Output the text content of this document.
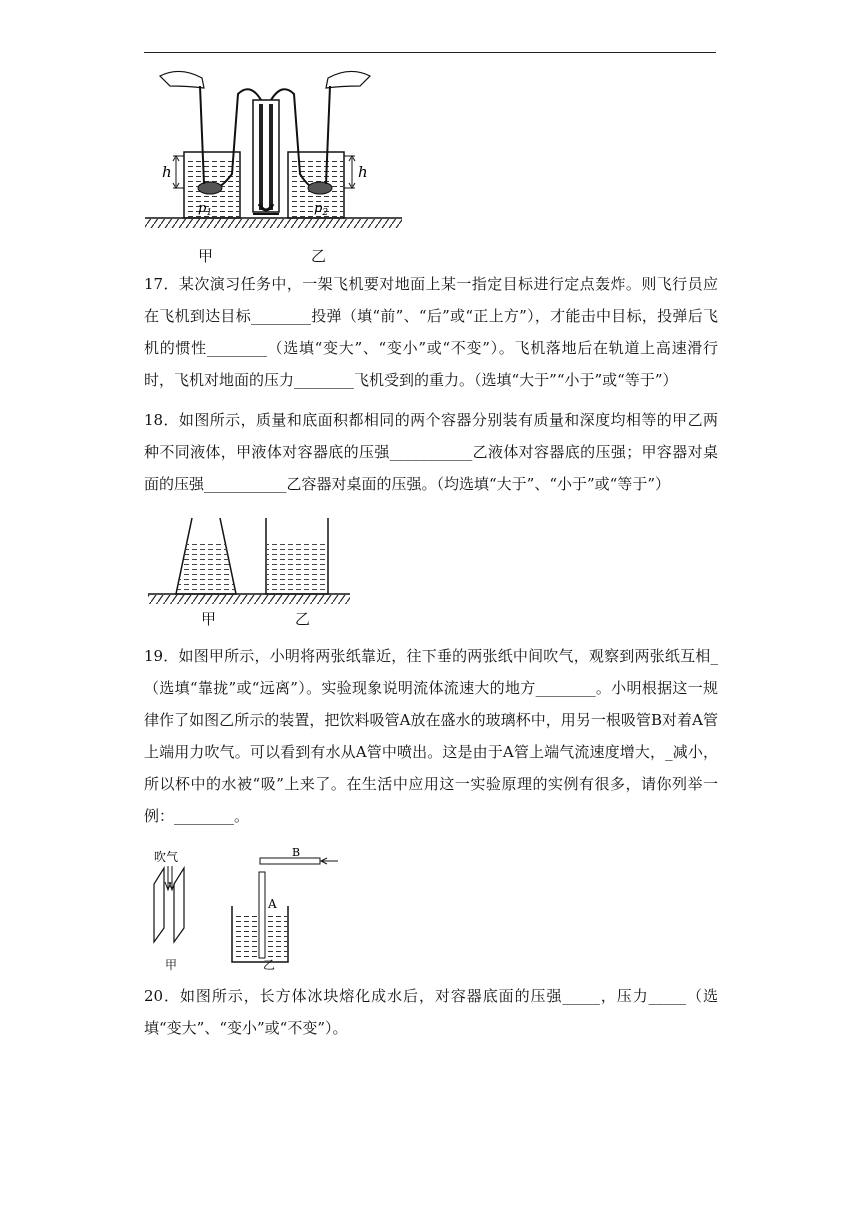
h	h
$p_1$	$p_2$
甲	乙
17．某次演习任务中，一架飞机要对地面上某一指定目标进行定点轰炸。则飞行员应在飞机到达目标________投弹（填“前”、“后”或“正上方”），才能击中目标，投弹后飞机的惯性________（选填“变大”、“变小”或“不变”）。飞机落地后在轨道上高速滑行时，飞机对地面的压力________飞机受到的重力。（选填“大于”“小于”或“等于”）
18．如图所示，质量和底面积都相同的两个容器分别装有质量和深度均相等的甲乙两种不同液体，甲液体对容器底的压强___________乙液体对容器底的压强；甲容器对桌面的压强___________乙容器对桌面的压强。（均选填“大于”、“小于”或“等于”）
甲	乙
19．如图甲所示，小明将两张纸靠近，往下垂的两张纸中间吹气，观察到两张纸互相_（选填“靠拢”或“远离”）。实验现象说明流体流速大的地方________。小明根据这一规律作了如图乙所示的装置，把饮料吸管A放在盛水的玻璃杯中，用另一根吸管B对着A管上端用力吹气。可以看到有水从A管中喷出。这是由于A管上端气流速度增大，_减小，所以杯中的水被“吸”上来了。在生活中应用这一实验原理的实例有很多，请你列举一例：________。
吹气
A
B
甲	乙
20．如图所示，长方体冰块熔化成水后，对容器底面的压强_____，压力_____（选填“变大”、“变小”或“不变”）。
